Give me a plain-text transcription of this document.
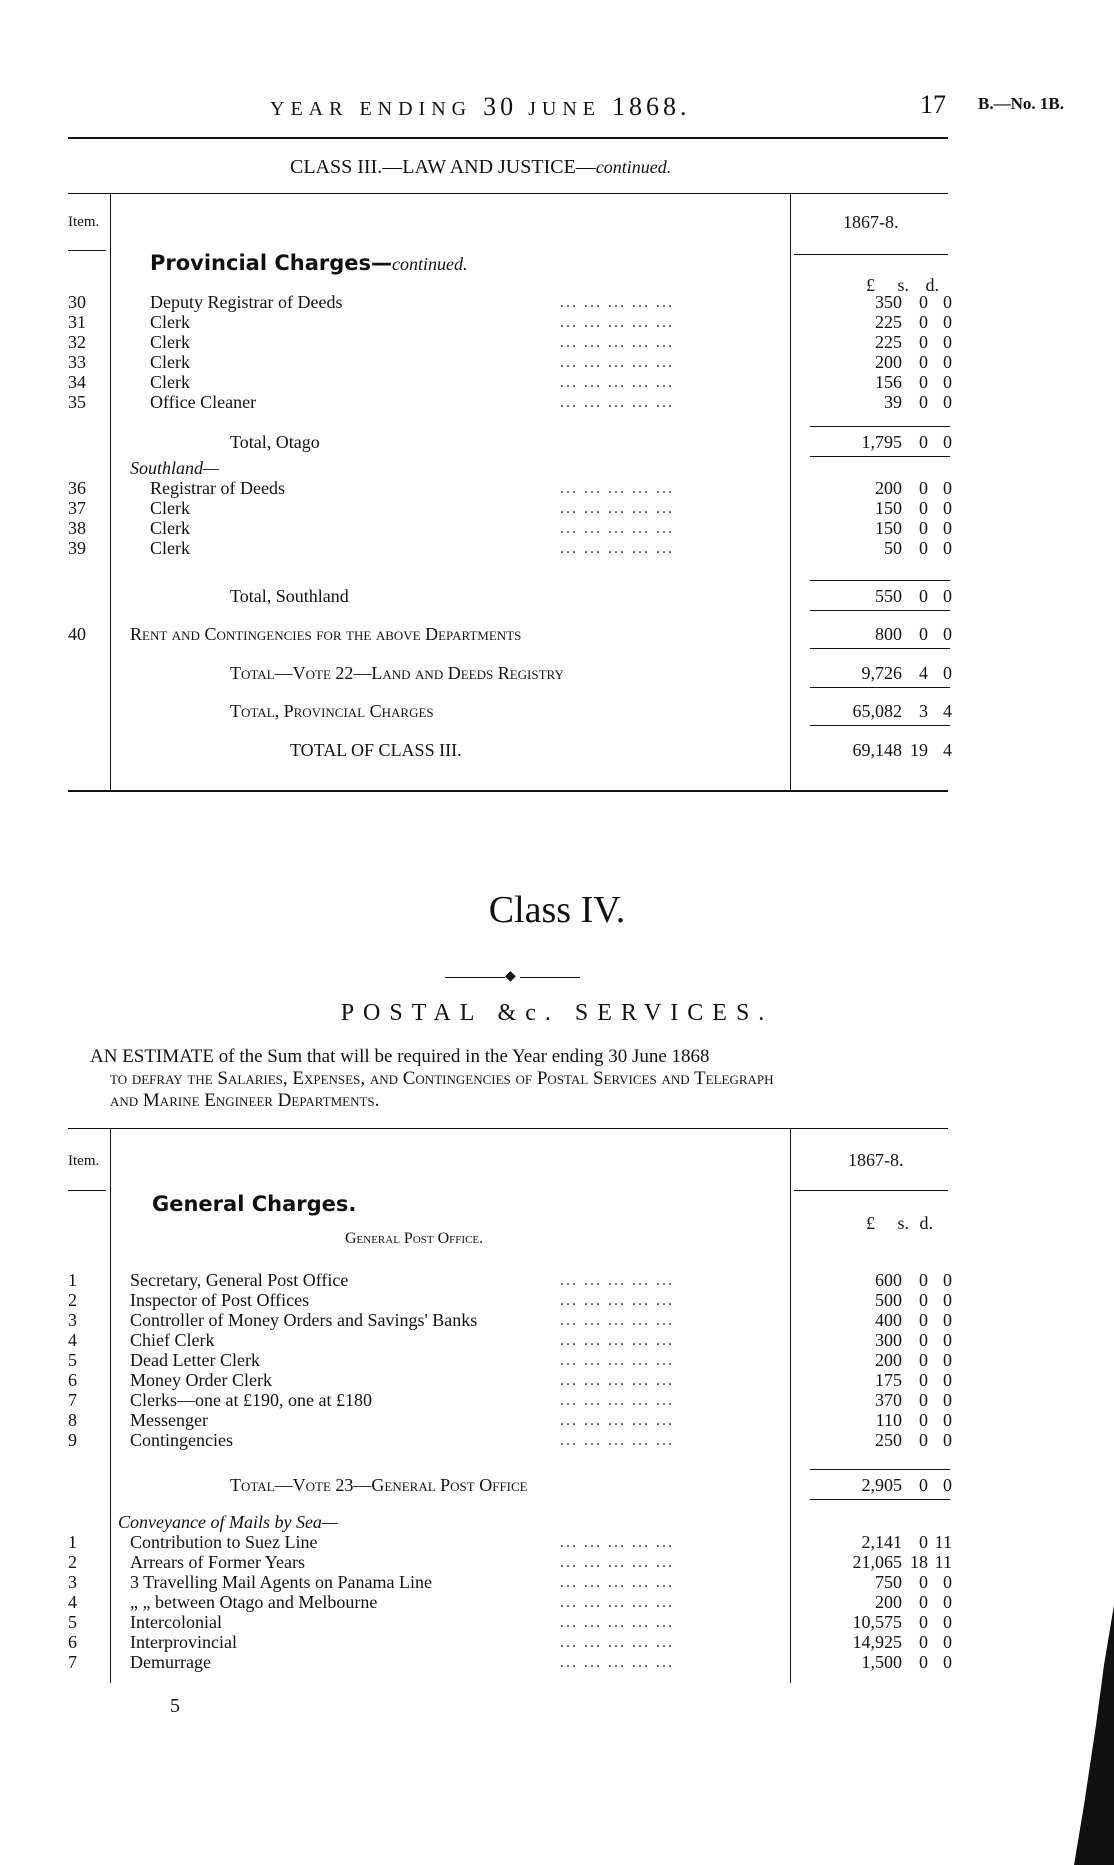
YEAR ENDING 30 JUNE 1868.	17 B.—No. 1B.
CLASS III.—LAW AND JUSTICE—continued.
Item.	1867-8.
Provincial Charges—continued.
£ s. d.
30	Deputy Registrar of Deeds	... ... ... ... ...	350 0 0
31	Clerk	... ... ... ... ...	225 0 0
32	Clerk	... ... ... ... ...	225 0 0
33	Clerk	... ... ... ... ...	200 0 0
34	Clerk	... ... ... ... ...	156 0 0
35	Office Cleaner	... ... ... ... ...	39 0 0
Total, Otago	1,795 0 0
Southland—
36	Registrar of Deeds	... ... ... ... ...	200 0 0
37	Clerk	... ... ... ... ...	150 0 0
38	Clerk	... ... ... ... ...	150 0 0
39	Clerk	... ... ... ... ...	50 0 0
Total, Southland	550 0 0
40	Rent and Contingencies for the above Departments	800 0 0
Total—Vote 22—Land and Deeds Registry	9,726 4 0
Total, Provincial Charges	65,082 3 4
TOTAL OF CLASS III.	69,148 19 4
Class IV.
◆
POSTAL &c. SERVICES.
AN ESTIMATE of the Sum that will be required in the Year ending 30 June 1868
to defray the Salaries, Expenses, and Contingencies of Postal Services and Telegraph
and Marine Engineer Departments.
Item.	1867-8.
General Charges.
General Post Office.
£ s. d.
1	Secretary, General Post Office	... ... ... ... ...	600 0 0
2	Inspector of Post Offices	... ... ... ... ...	500 0 0
3	Controller of Money Orders and Savings' Banks	... ... ... ... ...	400 0 0
4	Chief Clerk	... ... ... ... ...	300 0 0
5	Dead Letter Clerk	... ... ... ... ...	200 0 0
6	Money Order Clerk	... ... ... ... ...	175 0 0
7	Clerks—one at £190, one at £180	... ... ... ... ...	370 0 0
8	Messenger	... ... ... ... ...	110 0 0
9	Contingencies	... ... ... ... ...	250 0 0
Total—Vote 23—General Post Office	2,905 0 0
Conveyance of Mails by Sea—
1	Contribution to Suez Line	... ... ... ... ...	2,141 0 11
2	Arrears of Former Years	... ... ... ... ...	21,065 18 11
3	3 Travelling Mail Agents on Panama Line	... ... ... ... ...	750 0 0
4	„ „ between Otago and Melbourne	... ... ... ... ...	200 0 0
5	Intercolonial	... ... ... ... ...	10,575 0 0
6	Interprovincial	... ... ... ... ...	14,925 0 0
7	Demurrage	... ... ... ... ...	1,500 0 0
5
